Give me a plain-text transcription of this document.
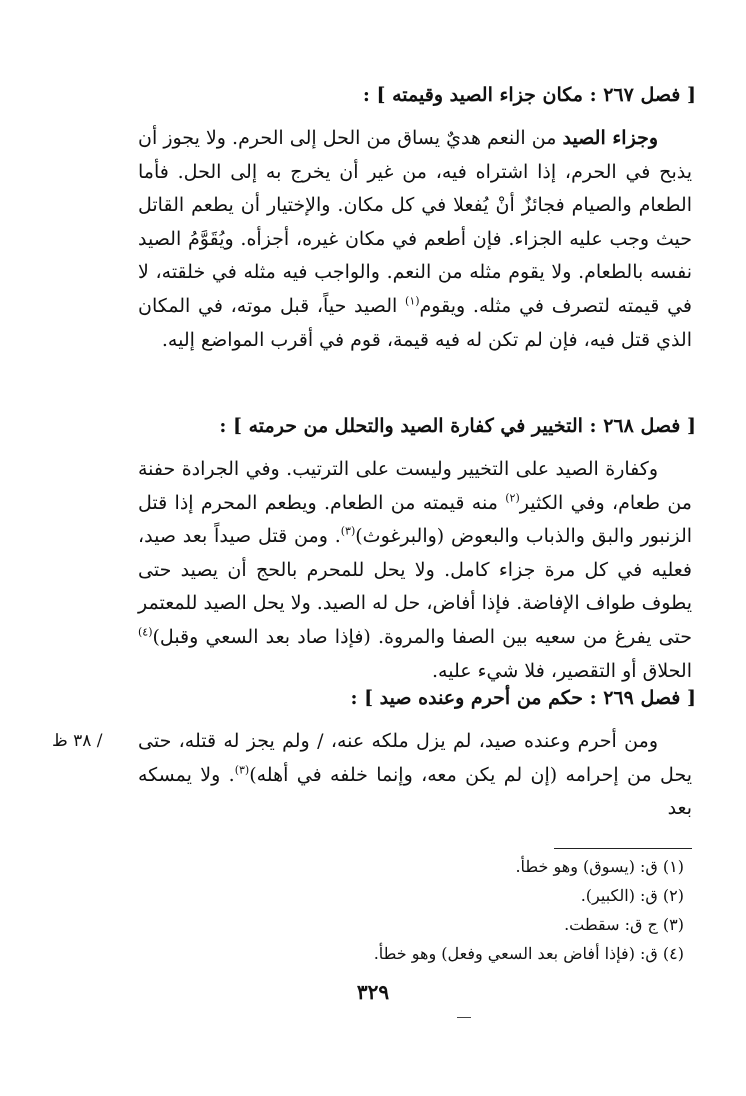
[ فصل ٢٦٧ : مكان جزاء الصيد وقيمته ] :

وجزاء الصيد من النعم هديٌ يساق من الحل إلى الحرم. ولا يجوز أن يذبح في الحرم، إذا اشتراه فيه، من غير أن يخرج به إلى الحل. فأما الطعام والصيام فجائزٌ أنْ يُفعلا في كل مكان. والإختيار أن يطعم القاتل حيث وجب عليه الجزاء. فإن أطعم في مكان غيره، أجزأه. ويُقَوَّمُ الصيد نفسه بالطعام. ولا يقوم مثله من النعم. والواجب فيه مثله في خلقته، لا في قيمته لتصرف في مثله. ويقوم$^{(١)}$ الصيد حياً، قبل موته، في المكان الذي قتل فيه، فإن لم تكن له فيه قيمة، قوم في أقرب المواضع إليه.

[ فصل ٢٦٨ : التخيير في كفارة الصيد والتحلل من حرمته ] :

وكفارة الصيد على التخيير وليست على الترتيب. وفي الجرادة حفنة من طعام، وفي الكثير$^{(٢)}$ منه قيمته من الطعام. ويطعم المحرم إذا قتل الزنبور والبق والذباب والبعوض (والبرغوث)$^{(٣)}$. ومن قتل صيداً بعد صيد، فعليه في كل مرة جزاء كامل. ولا يحل للمحرم بالحج أن يصيد حتى يطوف طواف الإفاضة. فإذا أفاض، حل له الصيد. ولا يحل الصيد للمعتمر حتى يفرغ من سعيه بين الصفا والمروة. (فإذا صاد بعد السعي وقبل)$^{(٤)}$ الحلاق أو التقصير، فلا شيء عليه.

[ فصل ٢٦٩ : حكم من أحرم وعنده صيد ] :

ومن أحرم وعنده صيد، لم يزل ملكه عنه، / ولم يجز له قتله، حتى يحل من إحرامه (إن لم يكن معه، وإنما خلفه في أهله)$^{(٣)}$. ولا يمسكه بعد

/ ٣٨ ظ
(١) ق: (يسوق) وهو خطأ.
(٢) ق: (الكبير).
(٣) ج ق: سقطت.
(٤) ق: (فإذا أفاض بعد السعي وفعل) وهو خطأ.
٣٢٩
